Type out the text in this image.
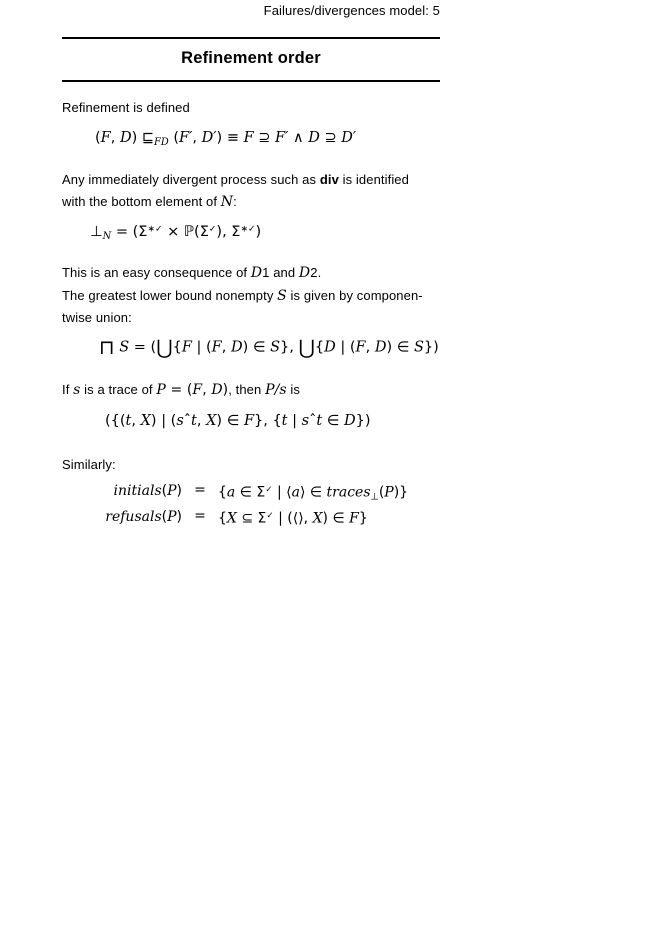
Failures/divergences model: 5
Refinement order
Refinement is defined
(F, D) $⊑_{FD}$ (F′, D′) ≡ F ⊇ F′ ∧ D ⊇ D′
Any immediately divergent process such as div is identified
with the bottom element of N:
$\perp_N = (\Sigma^{∗✓}$ × ℙ(Σ✓), Σ∗✓)
This is an easy consequence of D1 and D2.
The greatest lower bound nonempty S is given by componen-
twise union:
⊓ S = (⋃{F | (F, D) ∈ S}, ⋃{D | (F, D) ∈ S})
If s is a trace of P = (F, D), then P/s is
({(t, X) | (sˆt, X) ∈ F}, {t | sˆt ∈ D})
Similarly:
initials(P) = {a ∈ Σ✓ | ⟨a⟩ ∈ traces$_\perp$(P)}
refusals(P) = {X ⊆ Σ✓ | (⟨⟩, X) ∈ F}
